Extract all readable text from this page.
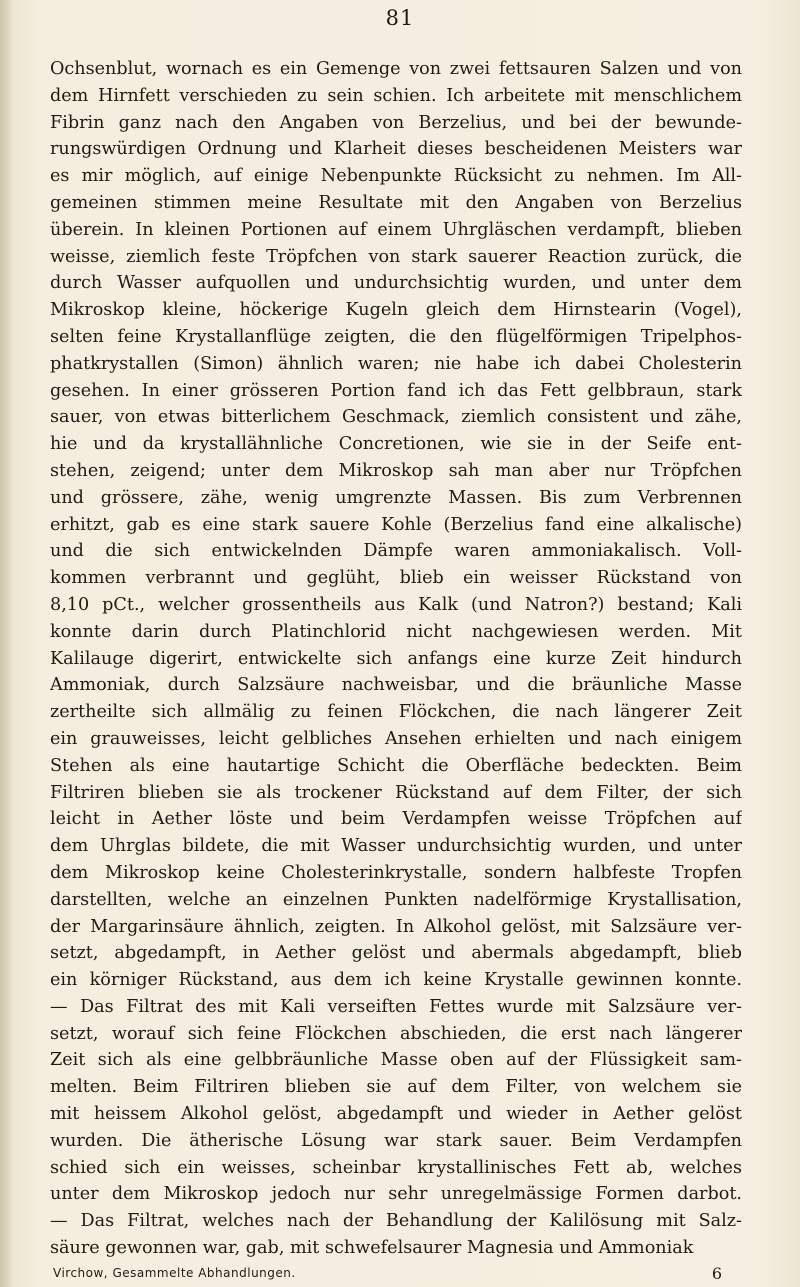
81
Ochsenblut, wornach es ein Gemenge von zwei fettsauren Salzen und von
dem Hirnfett verschieden zu sein schien. Ich arbeitete mit menschlichem
Fibrin ganz nach den Angaben von Berzelius, und bei der bewunde-
rungswürdigen Ordnung und Klarheit dieses bescheidenen Meisters war
es mir möglich, auf einige Nebenpunkte Rücksicht zu nehmen. Im All-
gemeinen stimmen meine Resultate mit den Angaben von Berzelius
überein. In kleinen Portionen auf einem Uhrgläschen verdampft, blieben
weisse, ziemlich feste Tröpfchen von stark sauerer Reaction zurück, die
durch Wasser aufquollen und undurchsichtig wurden, und unter dem
Mikroskop kleine, höckerige Kugeln gleich dem Hirnstearin (Vogel),
selten feine Krystallanflüge zeigten, die den flügelförmigen Tripelphos-
phatkrystallen (Simon) ähnlich waren; nie habe ich dabei Cholesterin
gesehen. In einer grösseren Portion fand ich das Fett gelbbraun, stark
sauer, von etwas bitterlichem Geschmack, ziemlich consistent und zähe,
hie und da krystallähnliche Concretionen, wie sie in der Seife ent-
stehen, zeigend; unter dem Mikroskop sah man aber nur Tröpfchen
und grössere, zähe, wenig umgrenzte Massen. Bis zum Verbrennen
erhitzt, gab es eine stark sauere Kohle (Berzelius fand eine alkalische)
und die sich entwickelnden Dämpfe waren ammoniakalisch. Voll-
kommen verbrannt und geglüht, blieb ein weisser Rückstand von
8,10 pCt., welcher grossentheils aus Kalk (und Natron?) bestand; Kali
konnte darin durch Platinchlorid nicht nachgewiesen werden. Mit
Kalilauge digerirt, entwickelte sich anfangs eine kurze Zeit hindurch
Ammoniak, durch Salzsäure nachweisbar, und die bräunliche Masse
zertheilte sich allmälig zu feinen Flöckchen, die nach längerer Zeit
ein grauweisses, leicht gelbliches Ansehen erhielten und nach einigem
Stehen als eine hautartige Schicht die Oberfläche bedeckten. Beim
Filtriren blieben sie als trockener Rückstand auf dem Filter, der sich
leicht in Aether löste und beim Verdampfen weisse Tröpfchen auf
dem Uhrglas bildete, die mit Wasser undurchsichtig wurden, und unter
dem Mikroskop keine Cholesterinkrystalle, sondern halbfeste Tropfen
darstellten, welche an einzelnen Punkten nadelförmige Krystallisation,
der Margarinsäure ähnlich, zeigten. In Alkohol gelöst, mit Salzsäure ver-
setzt, abgedampft, in Aether gelöst und abermals abgedampft, blieb
ein körniger Rückstand, aus dem ich keine Krystalle gewinnen konnte.
— Das Filtrat des mit Kali verseiften Fettes wurde mit Salzsäure ver-
setzt, worauf sich feine Flöckchen abschieden, die erst nach längerer
Zeit sich als eine gelbbräunliche Masse oben auf der Flüssigkeit sam-
melten. Beim Filtriren blieben sie auf dem Filter, von welchem sie
mit heissem Alkohol gelöst, abgedampft und wieder in Aether gelöst
wurden. Die ätherische Lösung war stark sauer. Beim Verdampfen
schied sich ein weisses, scheinbar krystallinisches Fett ab, welches
unter dem Mikroskop jedoch nur sehr unregelmässige Formen darbot.
— Das Filtrat, welches nach der Behandlung der Kalilösung mit Salz-
säure gewonnen war, gab, mit schwefelsaurer Magnesia und Ammoniak
Virchow, Gesammelte Abhandlungen.	6
